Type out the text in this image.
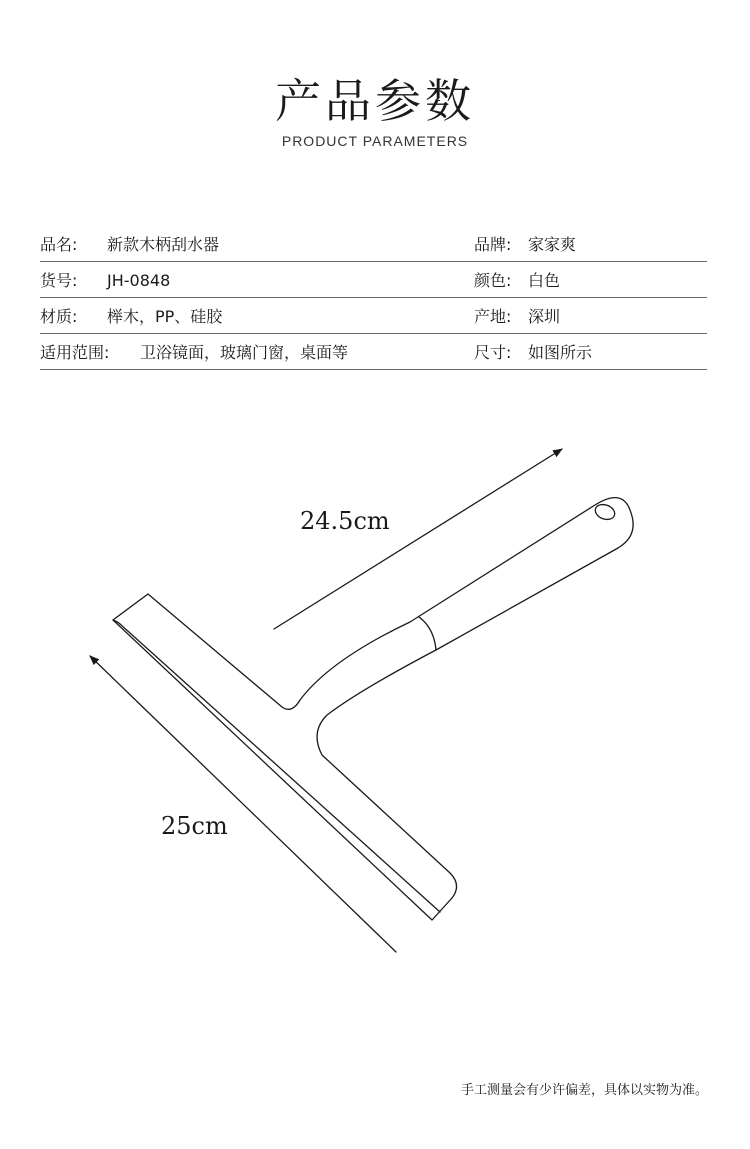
产品参数
PRODUCT PARAMETERS
品名: 新款木柄刮水器	品牌: 家家爽
货号: JH-0848	颜色: 白色
材质: 榉木，PP、硅胶	产地: 深圳
适用范围: 卫浴镜面，玻璃门窗，桌面等	尺寸: 如图所示
24.5cm
25cm
手工测量会有少许偏差，具体以实物为准。
